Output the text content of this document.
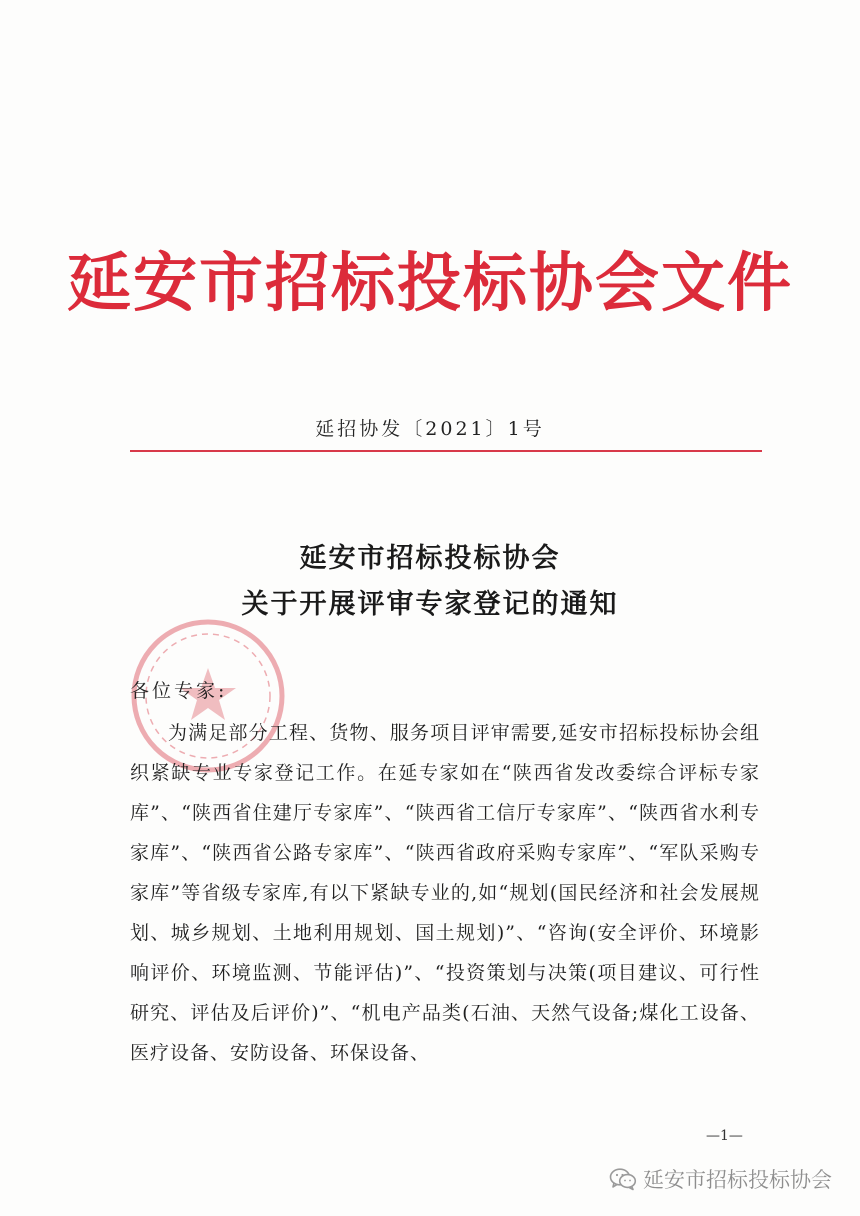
延安市招标投标协会文件
延招协发〔2021〕1号
延安市招标投标协会
关于开展评审专家登记的通知
各位专家:
为满足部分工程、货物、服务项目评审需要,延安市招标投标协会组织紧缺专业专家登记工作。在延专家如在“陕西省发改委综合评标专家库”、“陕西省住建厅专家库”、“陕西省工信厅专家库”、“陕西省水利专家库”、“陕西省公路专家库”、“陕西省政府采购专家库”、“军队采购专家库”等省级专家库,有以下紧缺专业的,如“规划(国民经济和社会发展规划、城乡规划、土地利用规划、国土规划)”、“咨询(安全评价、环境影响评价、环境监测、节能评估)”、“投资策划与决策(项目建议、可行性研究、评估及后评价)”、“机电产品类(石油、天然气设备;煤化工设备、医疗设备、安防设备、环保设备、
—1—
延安市招标投标协会
